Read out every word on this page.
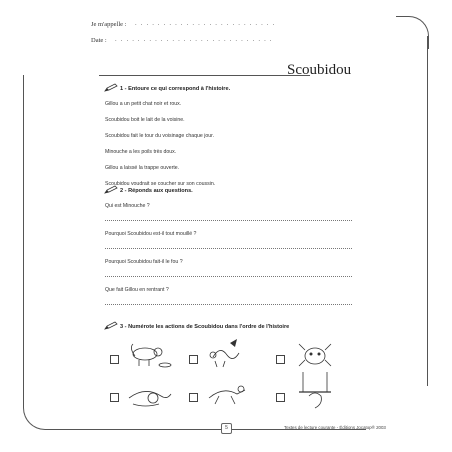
Je m'appelle : . . . . . . . . . . . . . . . . . . . . . . . . .
Date : . . . . . . . . . . . . . . . . . . . . . . . . . . . .
Scoubidou
1 - Entoure ce qui correspond à l'histoire.
Gillou a un petit chat noir et roux.
Scoubidou boit le lait de la voisine.
Scoubidou fait le tour du voisinage chaque jour.
Minouche a les poils très doux.
Gillou a laissé la trappe ouverte.
Scoubidou voudrait se coucher sur son coussin.
2 - Réponds aux questions.
Qui est Minouche ?
Pourquoi Scoubidou est-il tout mouillé ?
Pourquoi Scoubidou fait-il le fou ?
Que fait Gillou en rentrant ?
3 - Numérote les actions de Scoubidou dans l'ordre de l'histoire
5	Textes de lecture courante - Éditions Jocatop® 2003
